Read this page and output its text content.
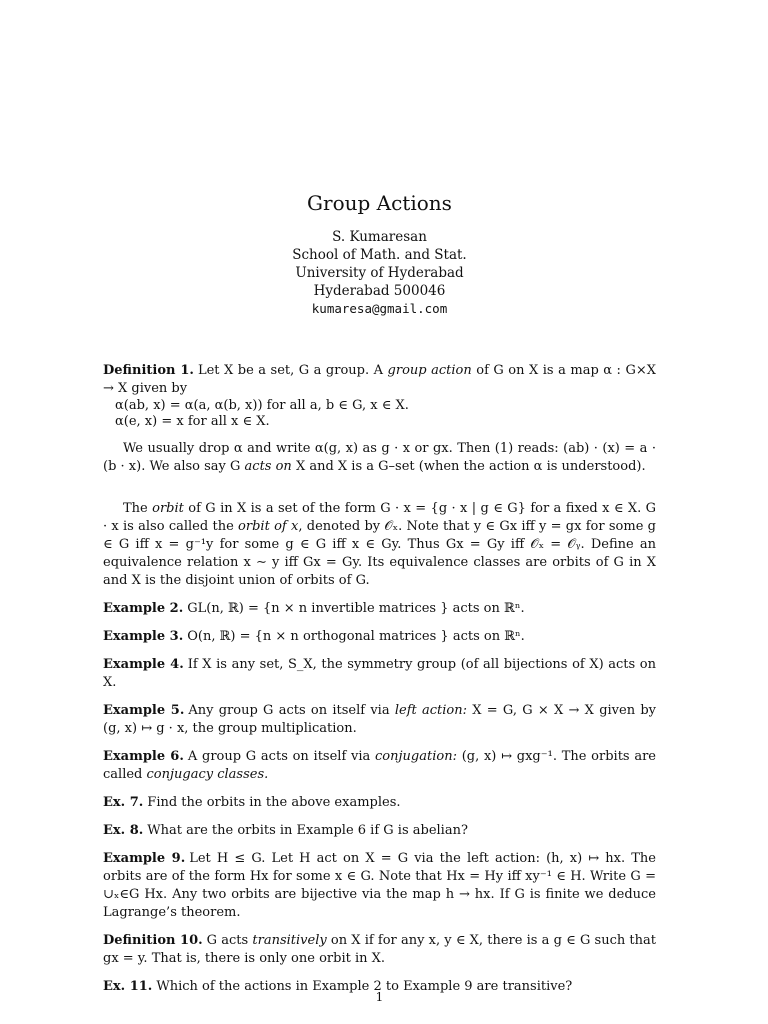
Group Actions
S. Kumaresan
School of Math. and Stat.
University of Hyderabad
Hyderabad 500046
kumaresa@gmail.com

Definition 1. Let X be a set, G a group. A group action of G on X is a map α : G×X → X given by

α(ab, x) = α(a, α(b, x)) for all a, b ∈ G, x ∈ X.
α(e, x) = x for all x ∈ X.

We usually drop α and write α(g, x) as g · x or gx. Then (1) reads: (ab) · (x) = a · (b · x). We also say G acts on X and X is a G–set (when the action α is understood).

The orbit of G in X is a set of the form G · x = {g · x | g ∈ G} for a fixed x ∈ X. G · x is also called the orbit of x, denoted by 𝒪ₓ. Note that y ∈ Gx iff y = gx for some g ∈ G iff x = g⁻¹y for some g ∈ G iff x ∈ Gy. Thus Gx = Gy iff 𝒪ₓ = 𝒪ᵧ. Define an equivalence relation x ∼ y iff Gx = Gy. Its equivalence classes are orbits of G in X and X is the disjoint union of orbits of G.

Example 2. GL(n, ℝ) = {n × n invertible matrices } acts on ℝⁿ.

Example 3. O(n, ℝ) = {n × n orthogonal matrices } acts on ℝⁿ.

Example 4. If X is any set, S_X, the symmetry group (of all bijections of X) acts on X.

Example 5. Any group G acts on itself via left action: X = G, G × X → X given by (g, x) ↦ g · x, the group multiplication.

Example 6. A group G acts on itself via conjugation: (g, x) ↦ gxg⁻¹. The orbits are called conjugacy classes.

Ex. 7. Find the orbits in the above examples.

Ex. 8. What are the orbits in Example 6 if G is abelian?

Example 9. Let H ≤ G. Let H act on X = G via the left action: (h, x) ↦ hx. The orbits are of the form Hx for some x ∈ G. Note that Hx = Hy iff xy⁻¹ ∈ H. Write G = ∪ₓ∈G Hx. Any two orbits are bijective via the map h → hx. If G is finite we deduce Lagrange’s theorem.

Definition 10. G acts transitively on X if for any x, y ∈ X, there is a g ∈ G such that gx = y. That is, there is only one orbit in X.

Ex. 11. Which of the actions in Example 2 to Example 9 are transitive?

1
